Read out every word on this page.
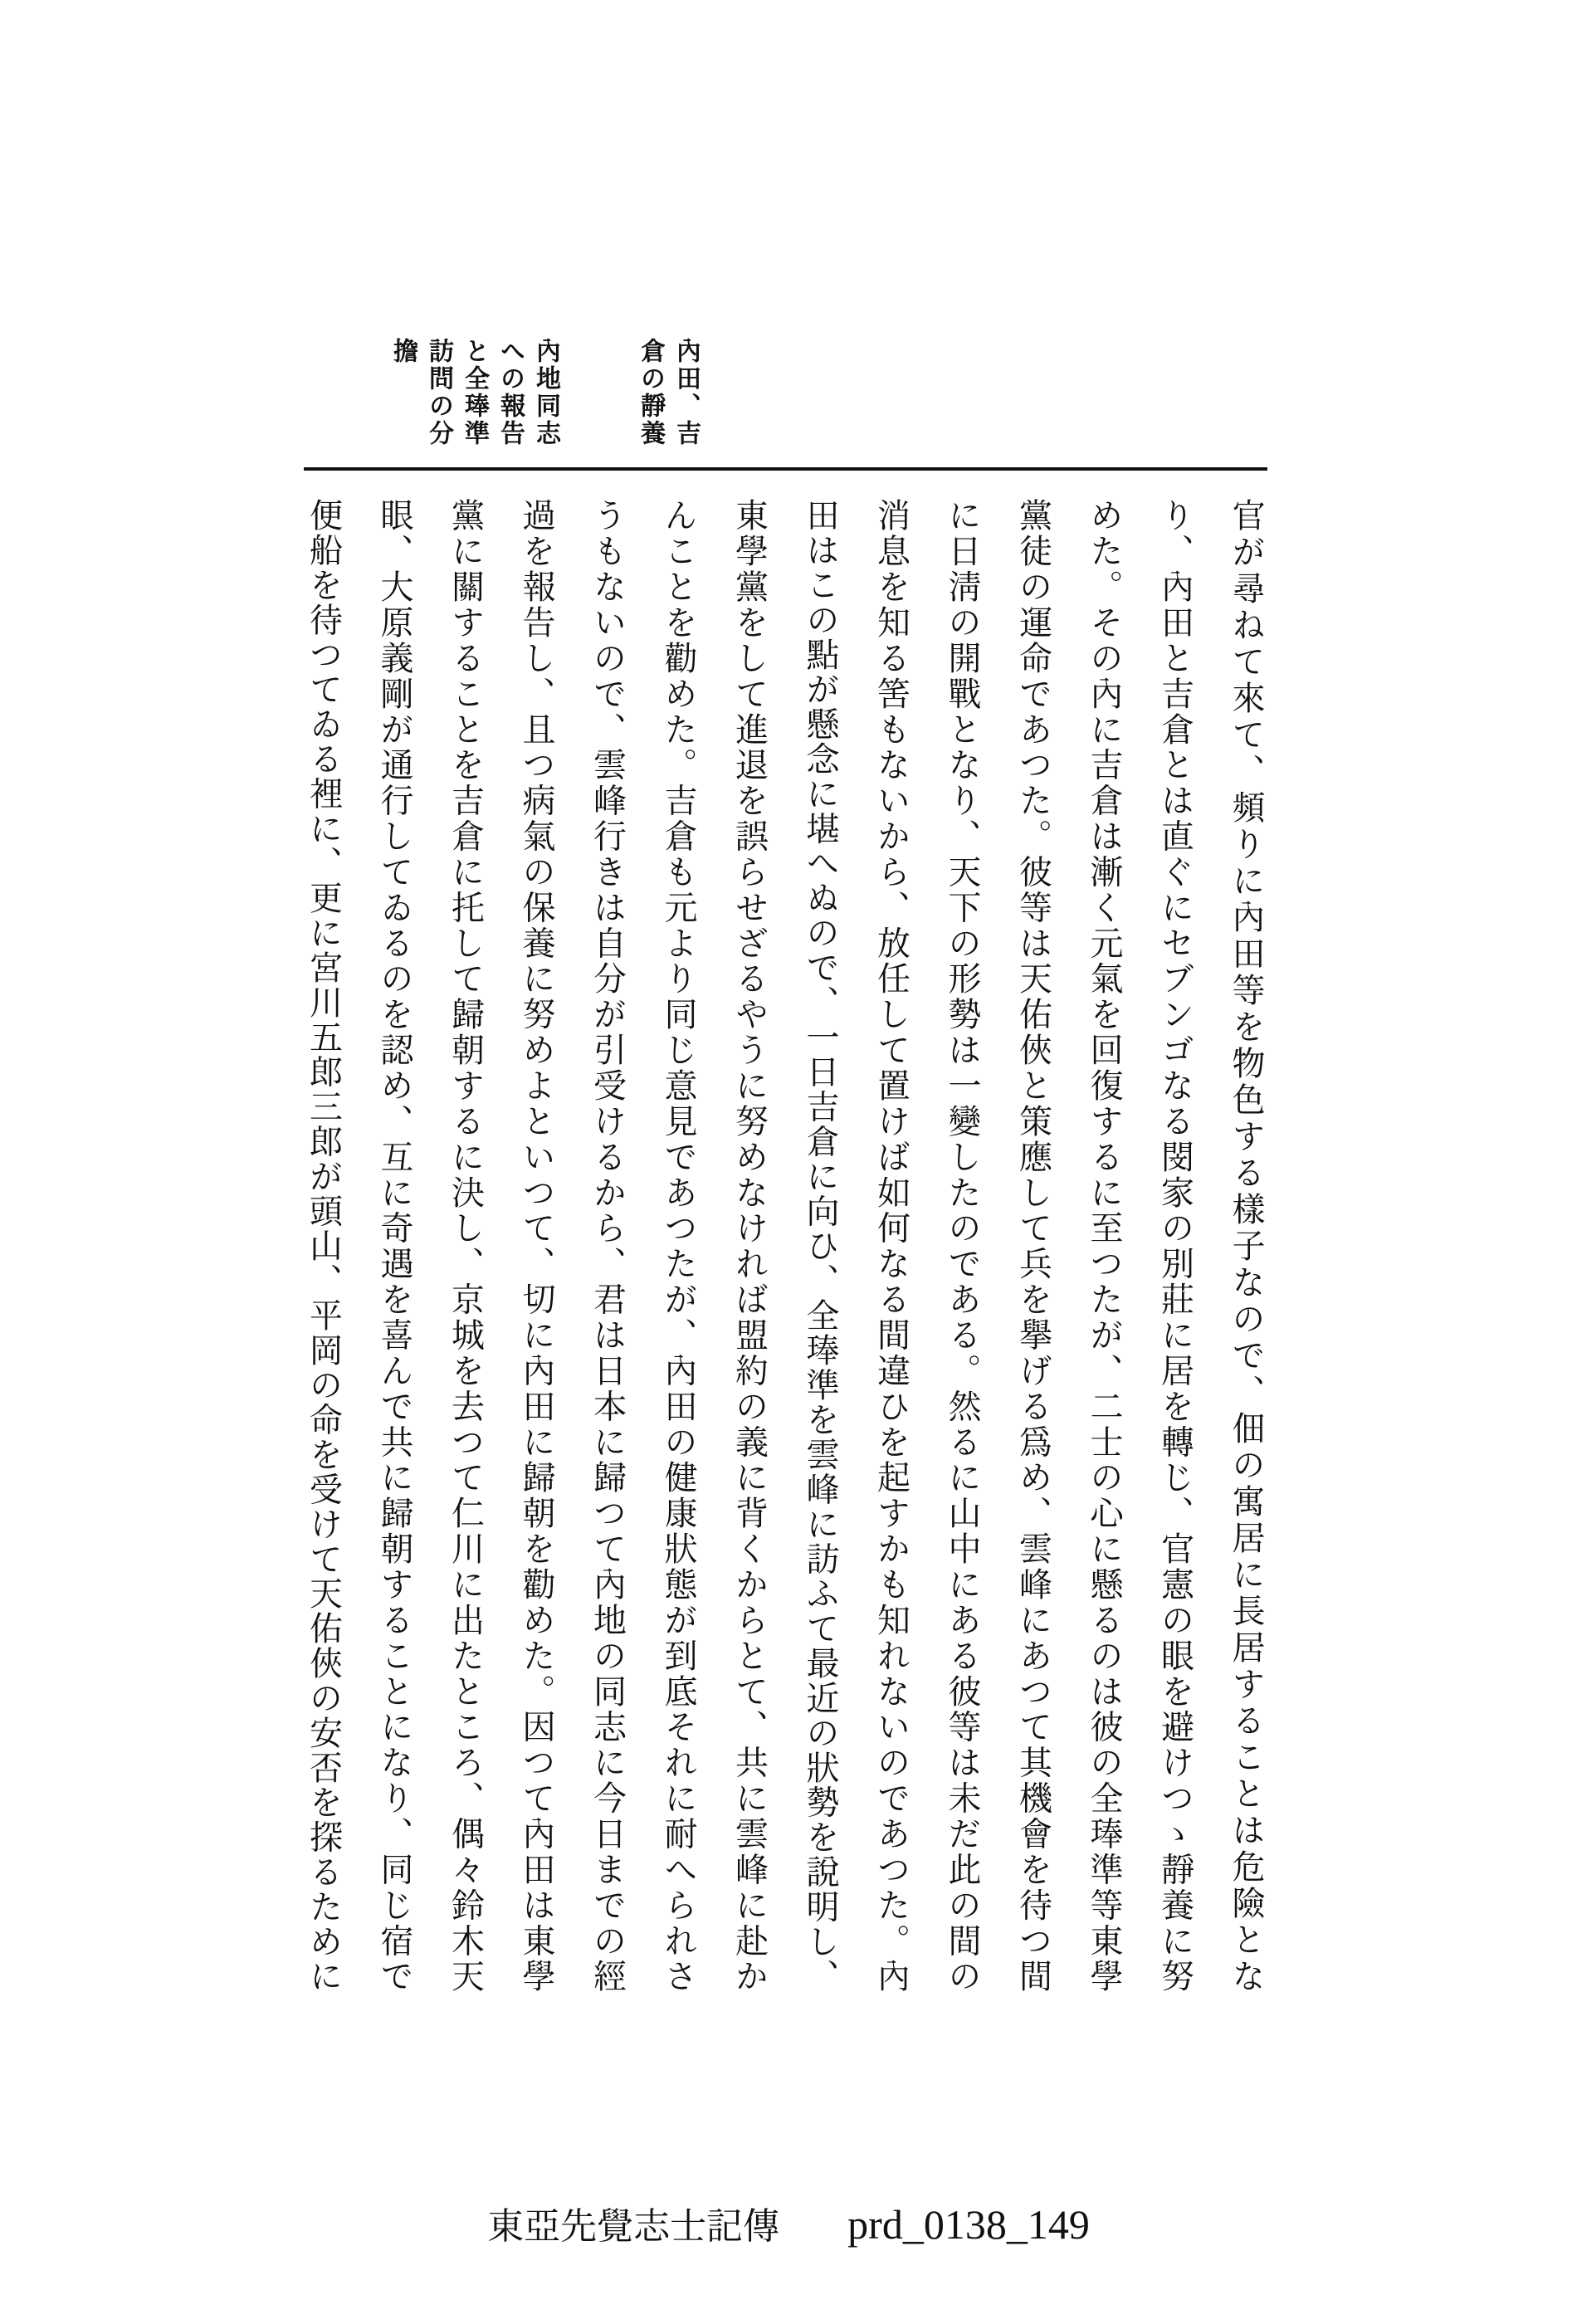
內田、吉
倉の靜養
內地同志
への報告
と全琫準
訪問の分
擔
官が尋ねて來て、頻りに內田等を物色する樣子なので、佃の寓居に長居することは危險とな
り、內田と吉倉とは直ぐにセブンゴなる閔家の別莊に居を轉じ、官憲の眼を避けつゝ靜養に努
めた。その內に吉倉は漸く元氣を回復するに至つたが、二士の心に懸るのは彼の全琫準等東學
黨徒の運命であつた。彼等は天佑俠と策應して兵を擧げる爲め、雲峰にあつて其機會を待つ間
に日淸の開戰となり、天下の形勢は一變したのである。然るに山中にある彼等は未だ此の間の
消息を知る筈もないから、放任して置けば如何なる間違ひを起すかも知れないのであつた。內
田はこの點が懸念に堪へぬので、一日吉倉に向ひ、全琫準を雲峰に訪ふて最近の狀勢を說明し、
東學黨をして進退を誤らせざるやうに努めなければ盟約の義に背くからとて、共に雲峰に赴か
んことを勸めた。吉倉も元より同じ意見であつたが、內田の健康狀態が到底それに耐へられさ
うもないので、雲峰行きは自分が引受けるから、君は日本に歸つて內地の同志に今日までの經
過を報告し、且つ病氣の保養に努めよといつて、切に內田に歸朝を勸めた。因つて內田は東學
黨に關することを吉倉に托して歸朝するに決し、京城を去つて仁川に出たところ、偶々鈴木天
眼、大原義剛が通行してゐるのを認め、互に奇遇を喜んで共に歸朝することになり、同じ宿で
便船を待つてゐる裡に、更に宮川五郎三郎が頭山、平岡の命を受けて天佑俠の安否を探るために
東亞先覺志士記傳 prd_0138_149
